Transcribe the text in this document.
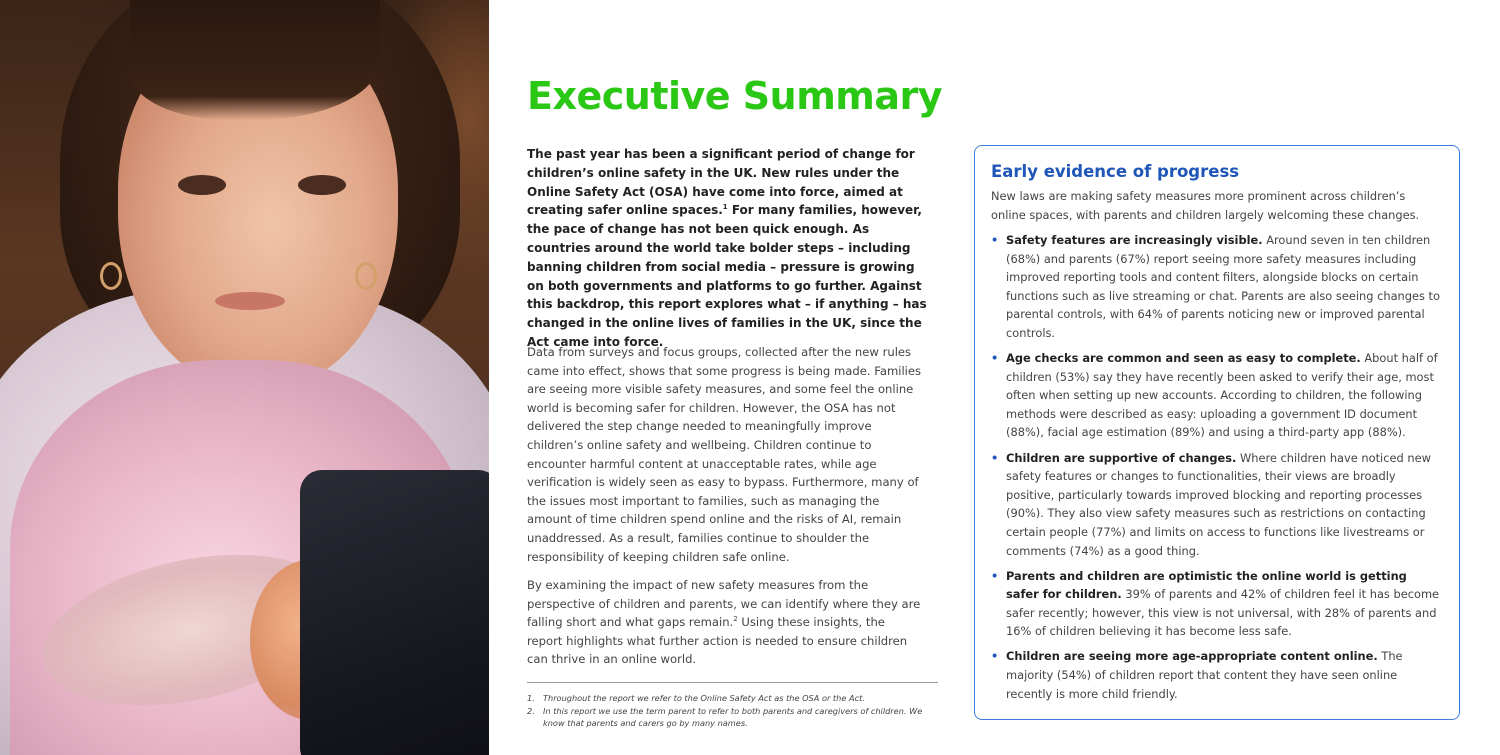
Executive Summary

The past year has been a significant period of change for children’s online safety in the UK. New rules under the Online Safety Act (OSA) have come into force, aimed at creating safer online spaces.$^1$ For many families, however, the pace of change has not been quick enough. As countries around the world take bolder steps – including banning children from social media – pressure is growing on both governments and platforms to go further. Against this backdrop, this report explores what – if anything – has changed in the online lives of families in the UK, since the Act came into force.

Data from surveys and focus groups, collected after the new rules came into effect, shows that some progress is being made. Families are seeing more visible safety measures, and some feel the online world is becoming safer for children. However, the OSA has not delivered the step change needed to meaningfully improve children’s online safety and wellbeing. Children continue to encounter harmful content at unacceptable rates, while age verification is widely seen as easy to bypass. Furthermore, many of the issues most important to families, such as managing the amount of time children spend online and the risks of AI, remain unaddressed. As a result, families continue to shoulder the responsibility of keeping children safe online.

By examining the impact of new safety measures from the perspective of children and parents, we can identify where they are falling short and what gaps remain.$^2$ Using these insights, the report highlights what further action is needed to ensure children can thrive in an online world.

1. Throughout the report we refer to the Online Safety Act as the OSA or the Act.
2. In this report we use the term parent to refer to both parents and caregivers of children. We know that parents and carers go by many names.
Early evidence of progress

New laws are making safety measures more prominent across children’s online spaces, with parents and children largely welcoming these changes.

• Safety features are increasingly visible. Around seven in ten children (68%) and parents (67%) report seeing more safety measures including improved reporting tools and content filters, alongside blocks on certain functions such as live streaming or chat. Parents are also seeing changes to parental controls, with 64% of parents noticing new or improved parental controls.
• Age checks are common and seen as easy to complete. About half of children (53%) say they have recently been asked to verify their age, most often when setting up new accounts. According to children, the following methods were described as easy: uploading a government ID document (88%), facial age estimation (89%) and using a third-party app (88%).
• Children are supportive of changes. Where children have noticed new safety features or changes to functionalities, their views are broadly positive, particularly towards improved blocking and reporting processes (90%). They also view safety measures such as restrictions on contacting certain people (77%) and limits on access to functions like livestreams or comments (74%) as a good thing.
• Parents and children are optimistic the online world is getting safer for children. 39% of parents and 42% of children feel it has become safer recently; however, this view is not universal, with 28% of parents and 16% of children believing it has become less safe.
• Children are seeing more age-appropriate content online. The majority (54%) of children report that content they have seen online recently is more child friendly.
